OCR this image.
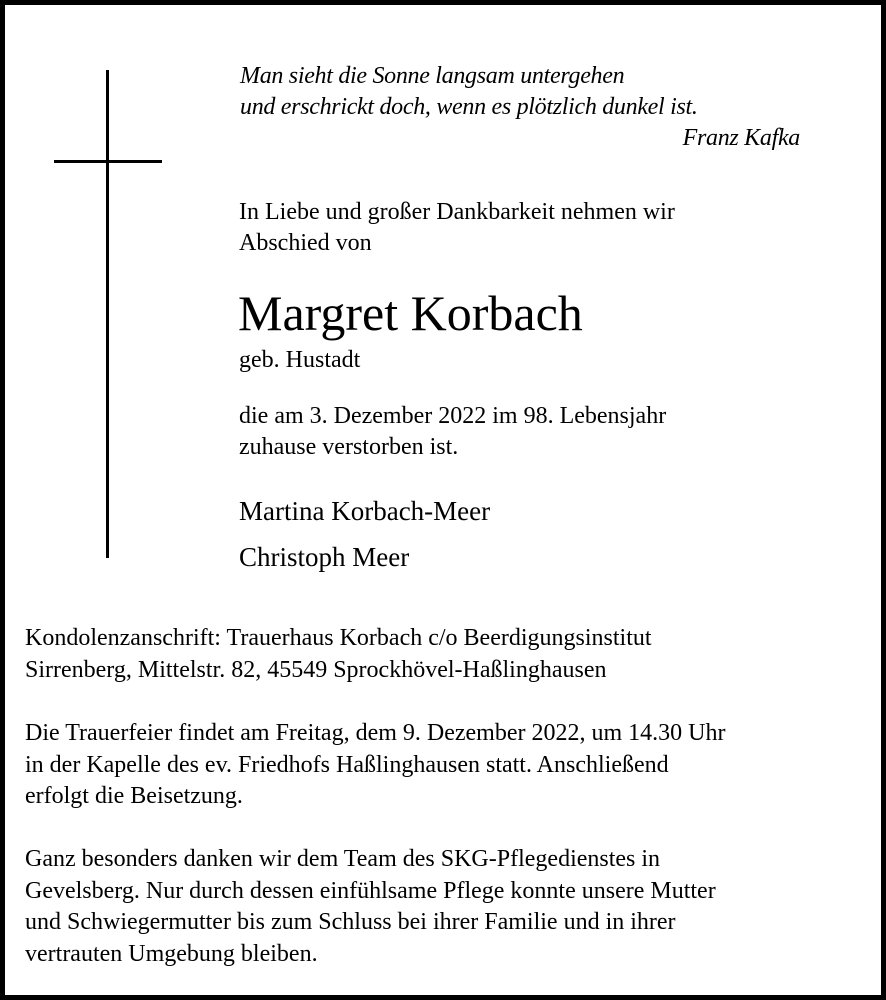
Man sieht die Sonne langsam untergehen
und erschrickt doch, wenn es plötzlich dunkel ist.
Franz Kafka
In Liebe und großer Dankbarkeit nehmen wir
Abschied von
Margret Korbach
geb. Hustadt
die am 3. Dezember 2022 im 98. Lebensjahr
zuhause verstorben ist.
Martina Korbach-Meer
Christoph Meer
Kondolenzanschrift: Trauerhaus Korbach c/o Beerdigungsinstitut
Sirrenberg, Mittelstr. 82, 45549 Sprockhövel-Haßlinghausen
Die Trauerfeier findet am Freitag, dem 9. Dezember 2022, um 14.30 Uhr
in der Kapelle des ev. Friedhofs Haßlinghausen statt. Anschließend
erfolgt die Beisetzung.
Ganz besonders danken wir dem Team des SKG-Pflegedienstes in
Gevelsberg. Nur durch dessen einfühlsame Pflege konnte unsere Mutter
und Schwiegermutter bis zum Schluss bei ihrer Familie und in ihrer
vertrauten Umgebung bleiben.
